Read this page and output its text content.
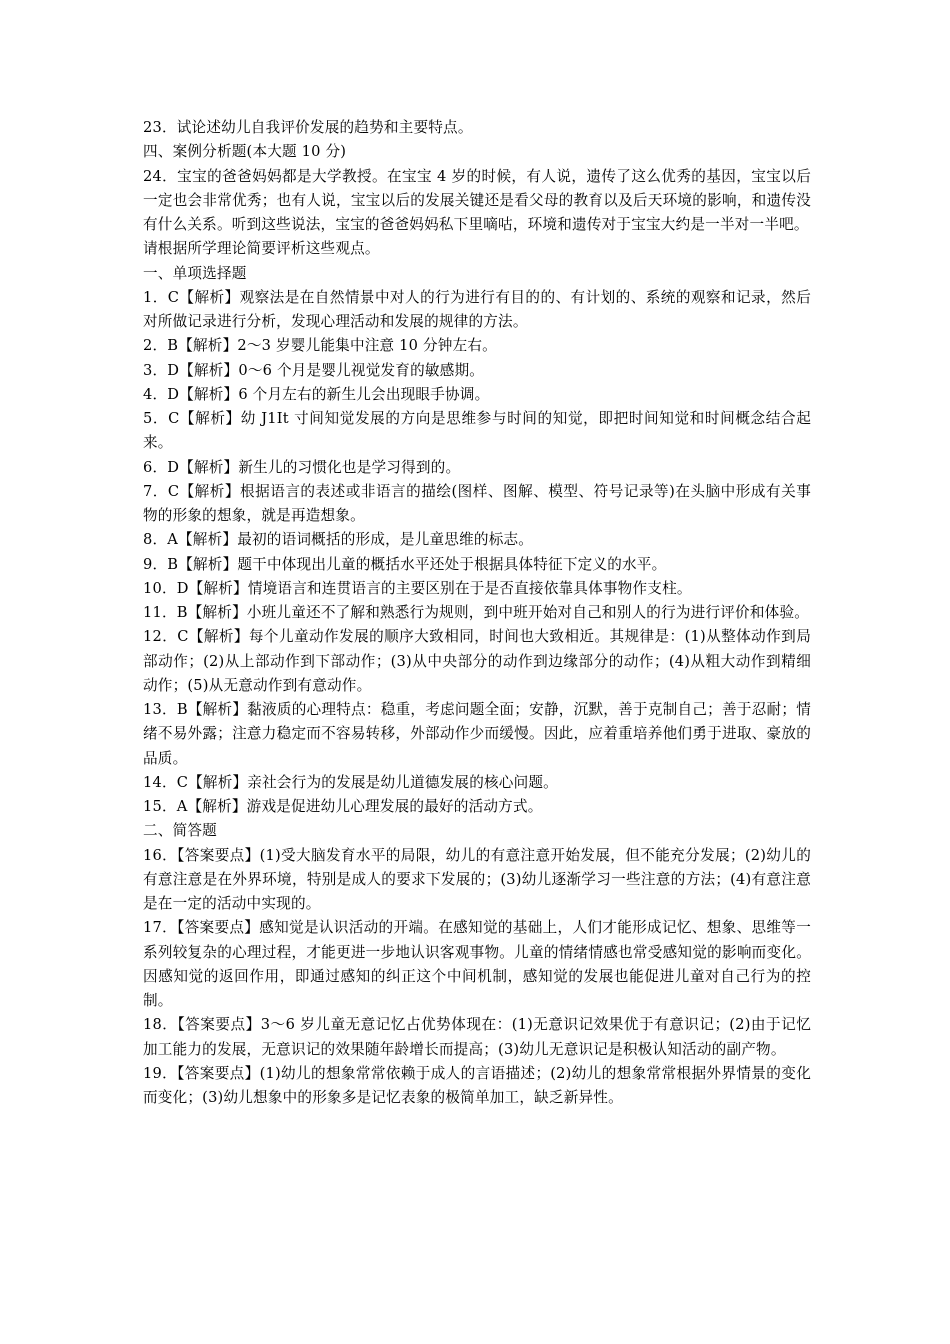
23．试论述幼儿自我评价发展的趋势和主要特点。

四、案例分析题(本大题 10 分)

24．宝宝的爸爸妈妈都是大学教授。在宝宝 4 岁的时候，有人说，遗传了这么优秀的基因，宝宝以后一定也会非常优秀；也有人说，宝宝以后的发展关键还是看父母的教育以及后天环境的影响，和遗传没有什么关系。听到这些说法，宝宝的爸爸妈妈私下里嘀咕，环境和遗传对于宝宝大约是一半对一半吧。

请根据所学理论简要评析这些观点。

一、单项选择题

1．C【解析】观察法是在自然情景中对人的行为进行有目的的、有计划的、系统的观察和记录，然后对所做记录进行分析，发现心理活动和发展的规律的方法。

2．B【解析】2～3 岁婴儿能集中注意 10 分钟左右。

3．D【解析】0～6 个月是婴儿视觉发育的敏感期。

4．D【解析】6 个月左右的新生儿会出现眼手协调。

5．C【解析】幼 J1It 寸间知觉发展的方向是思维参与时间的知觉，即把时间知觉和时间概念结合起来。

6．D【解析】新生儿的习惯化也是学习得到的。

7．C【解析】根据语言的表述或非语言的描绘(图样、图解、模型、符号记录等)在头脑中形成有关事物的形象的想象，就是再造想象。

8．A【解析】最初的语词概括的形成，是儿童思维的标志。

9．B【解析】题干中体现出儿童的概括水平还处于根据具体特征下定义的水平。

10．D【解析】情境语言和连贯语言的主要区别在于是否直接依靠具体事物作支柱。

11．B【解析】小班儿童还不了解和熟悉行为规则，到中班开始对自己和别人的行为进行评价和体验。

12．C【解析】每个儿童动作发展的顺序大致相同，时间也大致相近。其规律是：(1)从整体动作到局部动作；(2)从上部动作到下部动作；(3)从中央部分的动作到边缘部分的动作；(4)从粗大动作到精细动作；(5)从无意动作到有意动作。

13．B【解析】黏液质的心理特点：稳重，考虑问题全面；安静，沉默，善于克制自己；善于忍耐；情绪不易外露；注意力稳定而不容易转移，外部动作少而缓慢。因此，应着重培养他们勇于进取、豪放的品质。

14．C【解析】亲社会行为的发展是幼儿道德发展的核心问题。

15．A【解析】游戏是促进幼儿心理发展的最好的活动方式。

二、简答题

16．【答案要点】(1)受大脑发育水平的局限，幼儿的有意注意开始发展，但不能充分发展；(2)幼儿的有意注意是在外界环境，特别是成人的要求下发展的；(3)幼儿逐渐学习一些注意的方法；(4)有意注意是在一定的活动中实现的。

17．【答案要点】感知觉是认识活动的开端。在感知觉的基础上，人们才能形成记忆、想象、思维等一系列较复杂的心理过程，才能更进一步地认识客观事物。儿童的情绪情感也常受感知觉的影响而变化。因感知觉的返回作用，即通过感知的纠正这个中间机制，感知觉的发展也能促进儿童对自己行为的控制。

18．【答案要点】3～6 岁儿童无意记忆占优势体现在：(1)无意识记效果优于有意识记；(2)由于记忆加工能力的发展，无意识记的效果随年龄增长而提高；(3)幼儿无意识记是积极认知活动的副产物。

19．【答案要点】(1)幼儿的想象常常依赖于成人的言语描述；(2)幼儿的想象常常根据外界情景的变化而变化；(3)幼儿想象中的形象多是记忆表象的极简单加工，缺乏新异性。
